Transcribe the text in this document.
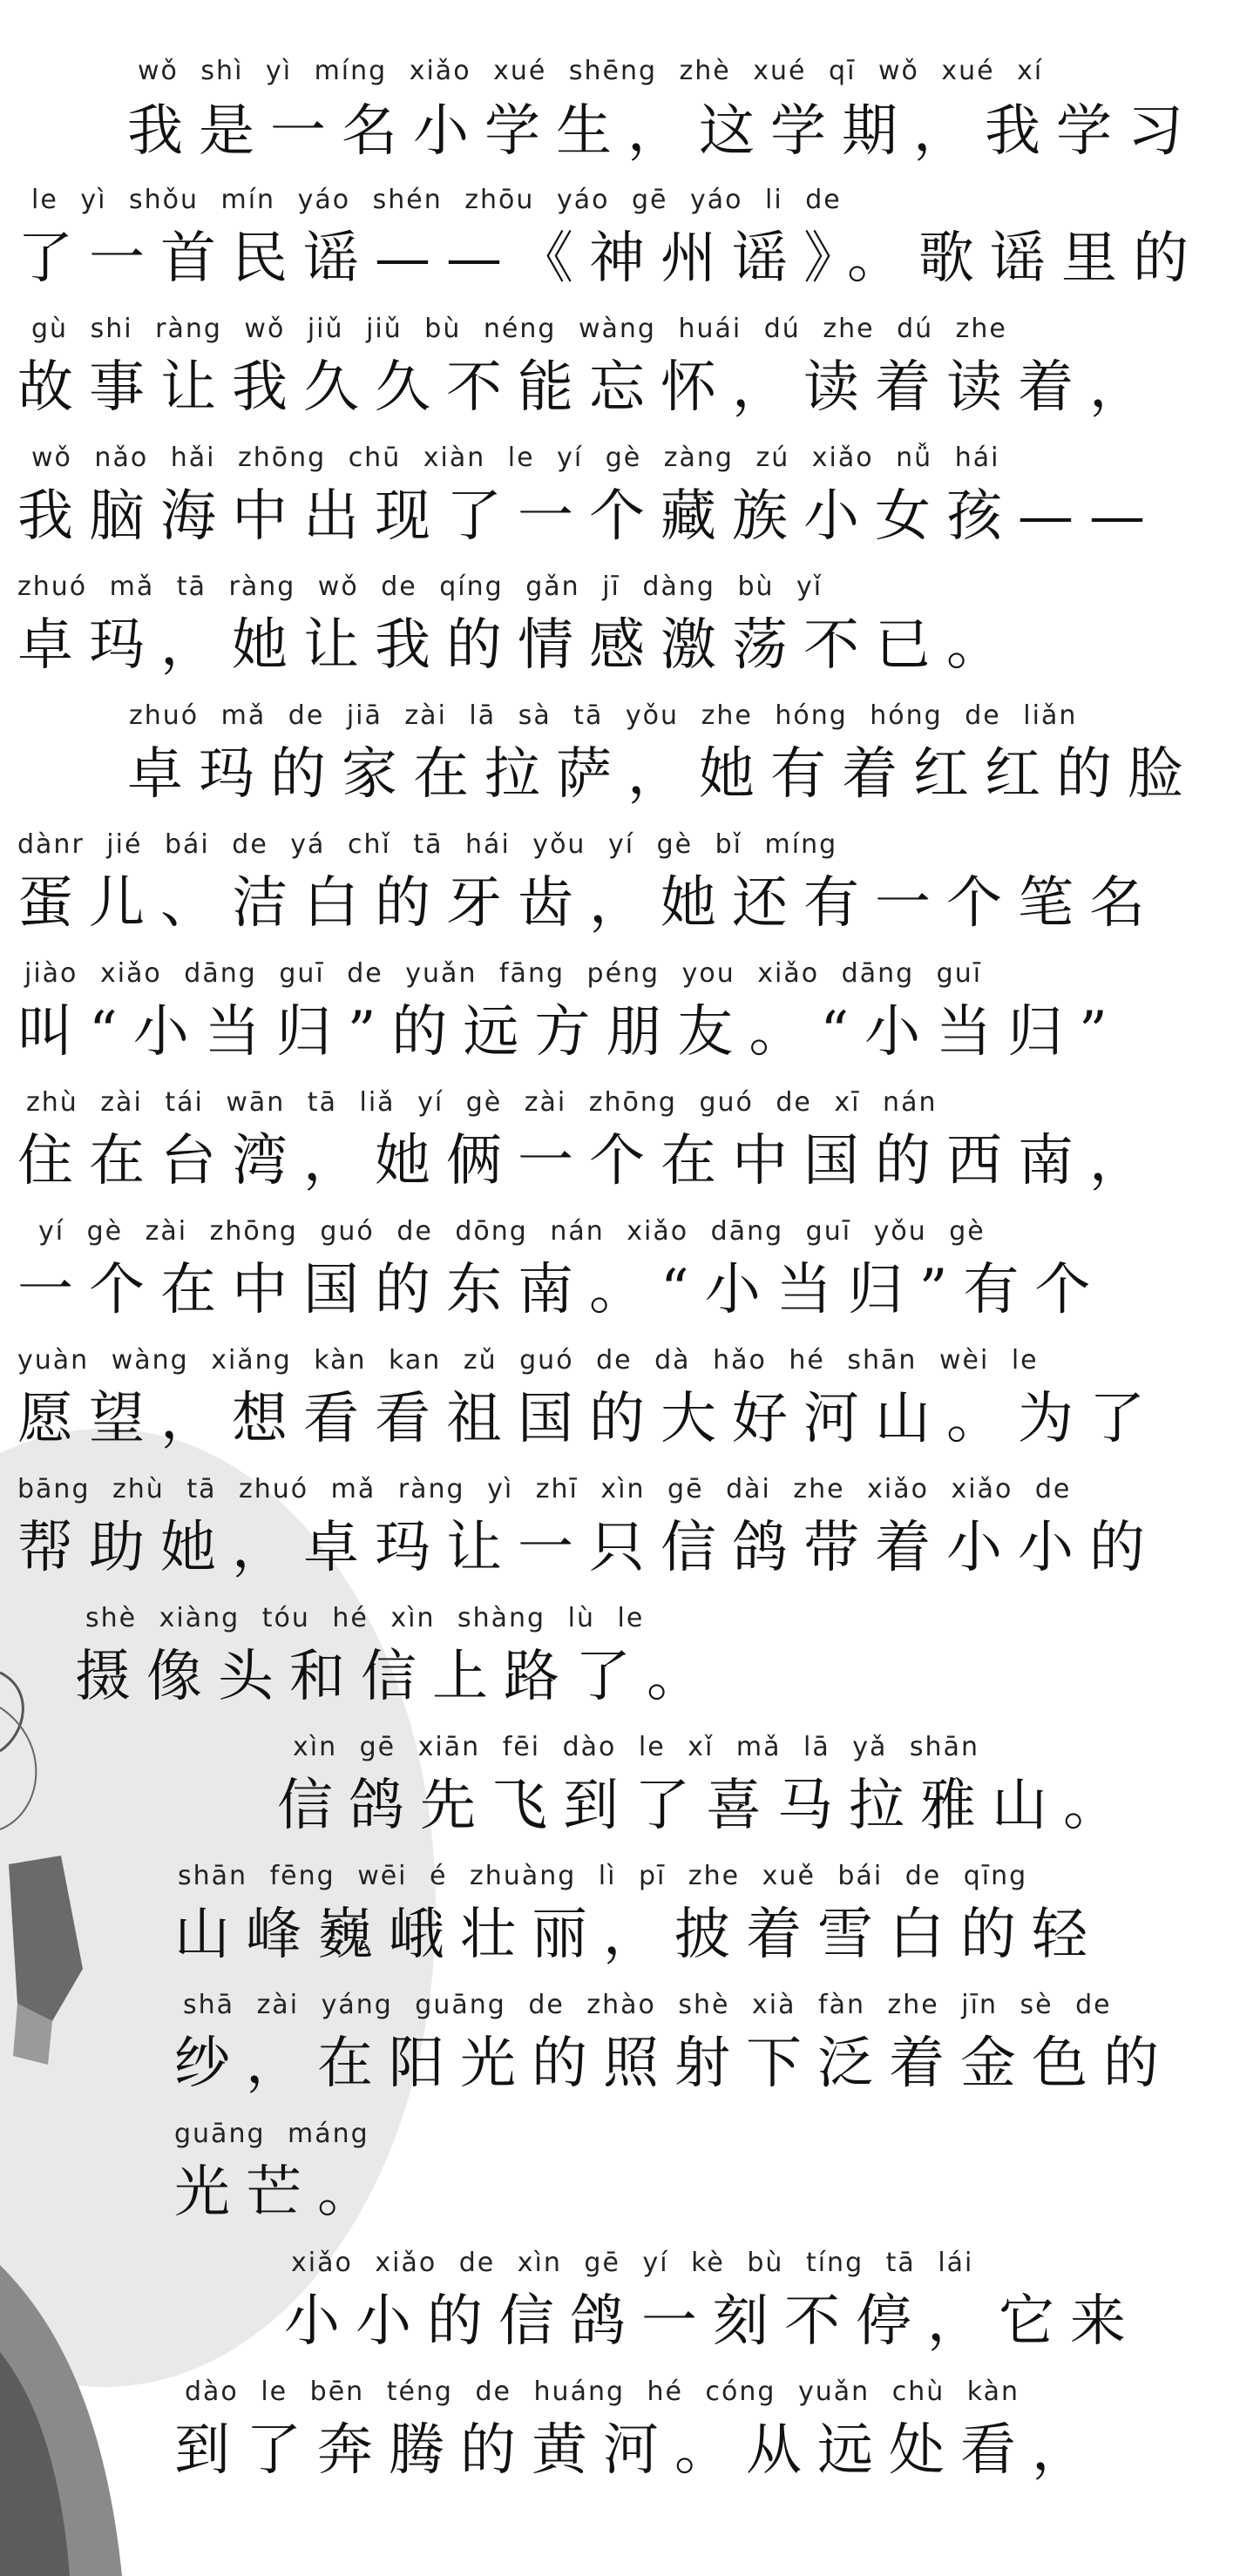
wǒ shì yì míng xiǎo xué shēng zhè xué qī wǒ xué xí
我是一名小学生，这学期，我学习
le yì shǒu mín yáo shén zhōu yáo gē yáo li de
了一首民谣——《神州谣》。歌谣里的
gù shi ràng wǒ jiǔ jiǔ bù néng wàng huái dú zhe dú zhe
故事让我久久不能忘怀，读着读着，
wǒ nǎo hǎi zhōng chū xiàn le yí gè zàng zú xiǎo nǚ hái
我脑海中出现了一个藏族小女孩——
zhuó mǎ tā ràng wǒ de qíng gǎn jī dàng bù yǐ
卓玛，她让我的情感激荡不已。
zhuó mǎ de jiā zài lā sà tā yǒu zhe hóng hóng de liǎn
卓玛的家在拉萨，她有着红红的脸
dànr jié bái de yá chǐ tā hái yǒu yí gè bǐ míng
蛋儿、洁白的牙齿，她还有一个笔名
jiào xiǎo dāng guī de yuǎn fāng péng you xiǎo dāng guī
叫“小当归”的远方朋友。“小当归”
zhù zài tái wān tā liǎ yí gè zài zhōng guó de xī nán
住在台湾，她俩一个在中国的西南，
yí gè zài zhōng guó de dōng nán xiǎo dāng guī yǒu gè
一个在中国的东南。“小当归”有个
yuàn wàng xiǎng kàn kan zǔ guó de dà hǎo hé shān wèi le
愿望，想看看祖国的大好河山。为了
bāng zhù tā zhuó mǎ ràng yì zhī xìn gē dài zhe xiǎo xiǎo de
帮助她，卓玛让一只信鸽带着小小的
shè xiàng tóu hé xìn shàng lù le
摄像头和信上路了。
xìn gē xiān fēi dào le xǐ mǎ lā yǎ shān
信鸽先飞到了喜马拉雅山。
shān fēng wēi é zhuàng lì pī zhe xuě bái de qīng
山峰巍峨壮丽，披着雪白的轻
shā zài yáng guāng de zhào shè xià fàn zhe jīn sè de
纱，在阳光的照射下泛着金色的
guāng máng
光芒。
xiǎo xiǎo de xìn gē yí kè bù tíng tā lái
小小的信鸽一刻不停，它来
dào le bēn téng de huáng hé cóng yuǎn chù kàn
到了奔腾的黄河。从远处看，
